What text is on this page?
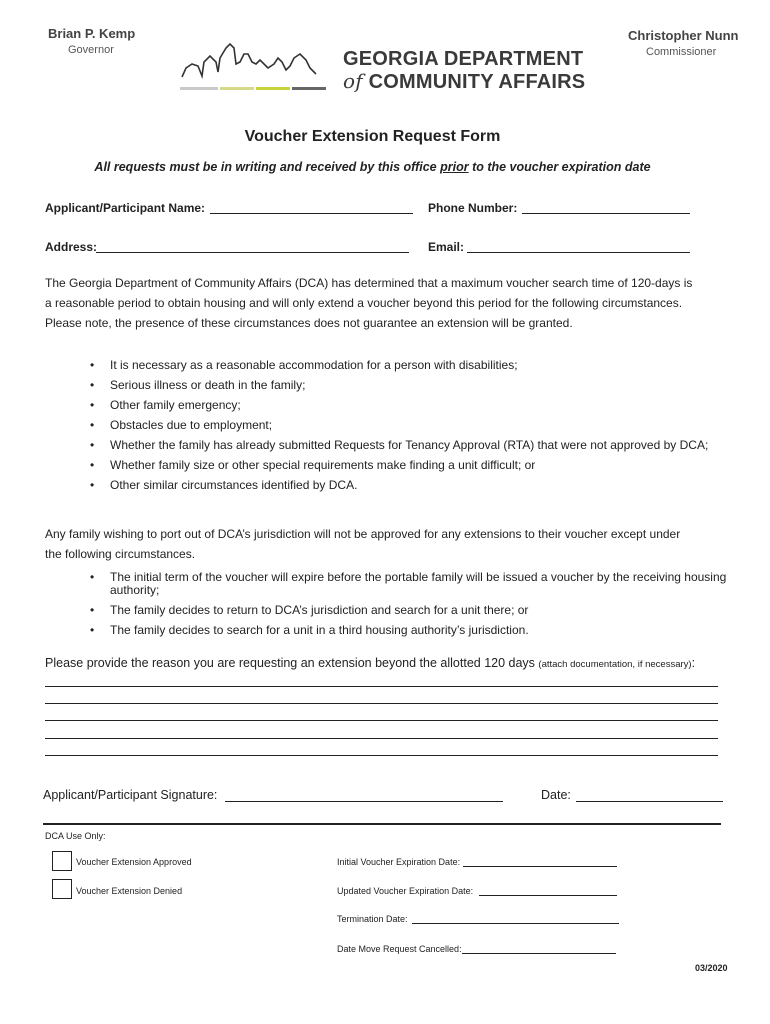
Brian P. Kemp
Governor
Christopher Nunn
Commissioner
GEORGIA DEPARTMENT
of COMMUNITY AFFAIRS
Voucher Extension Request Form
All requests must be in writing and received by this office prior to the voucher expiration date
Applicant/Participant Name:	Phone Number:
Address:	Email:
The Georgia Department of Community Affairs (DCA) has determined that a maximum voucher search time of 120-days is a reasonable period to obtain housing and will only extend a voucher beyond this period for the following circumstances. Please note, the presence of these circumstances does not guarantee an extension will be granted.
• It is necessary as a reasonable accommodation for a person with disabilities;
• Serious illness or death in the family;
• Other family emergency;
• Obstacles due to employment;
• Whether the family has already submitted Requests for Tenancy Approval (RTA) that were not approved by DCA;
• Whether family size or other special requirements make finding a unit difficult; or
• Other similar circumstances identified by DCA.
Any family wishing to port out of DCA’s jurisdiction will not be approved for any extensions to their voucher except under the following circumstances.
• The initial term of the voucher will expire before the portable family will be issued a voucher by the receiving housing authority;
• The family decides to return to DCA’s jurisdiction and search for a unit there; or
• The family decides to search for a unit in a third housing authority’s jurisdiction.
Please provide the reason you are requesting an extension beyond the allotted 120 days (attach documentation, if necessary):
Applicant/Participant Signature:	Date:
DCA Use Only:
Voucher Extension Approved
Voucher Extension Denied
Initial Voucher Expiration Date:
Updated Voucher Expiration Date:
Termination Date:
Date Move Request Cancelled:
03/2020
